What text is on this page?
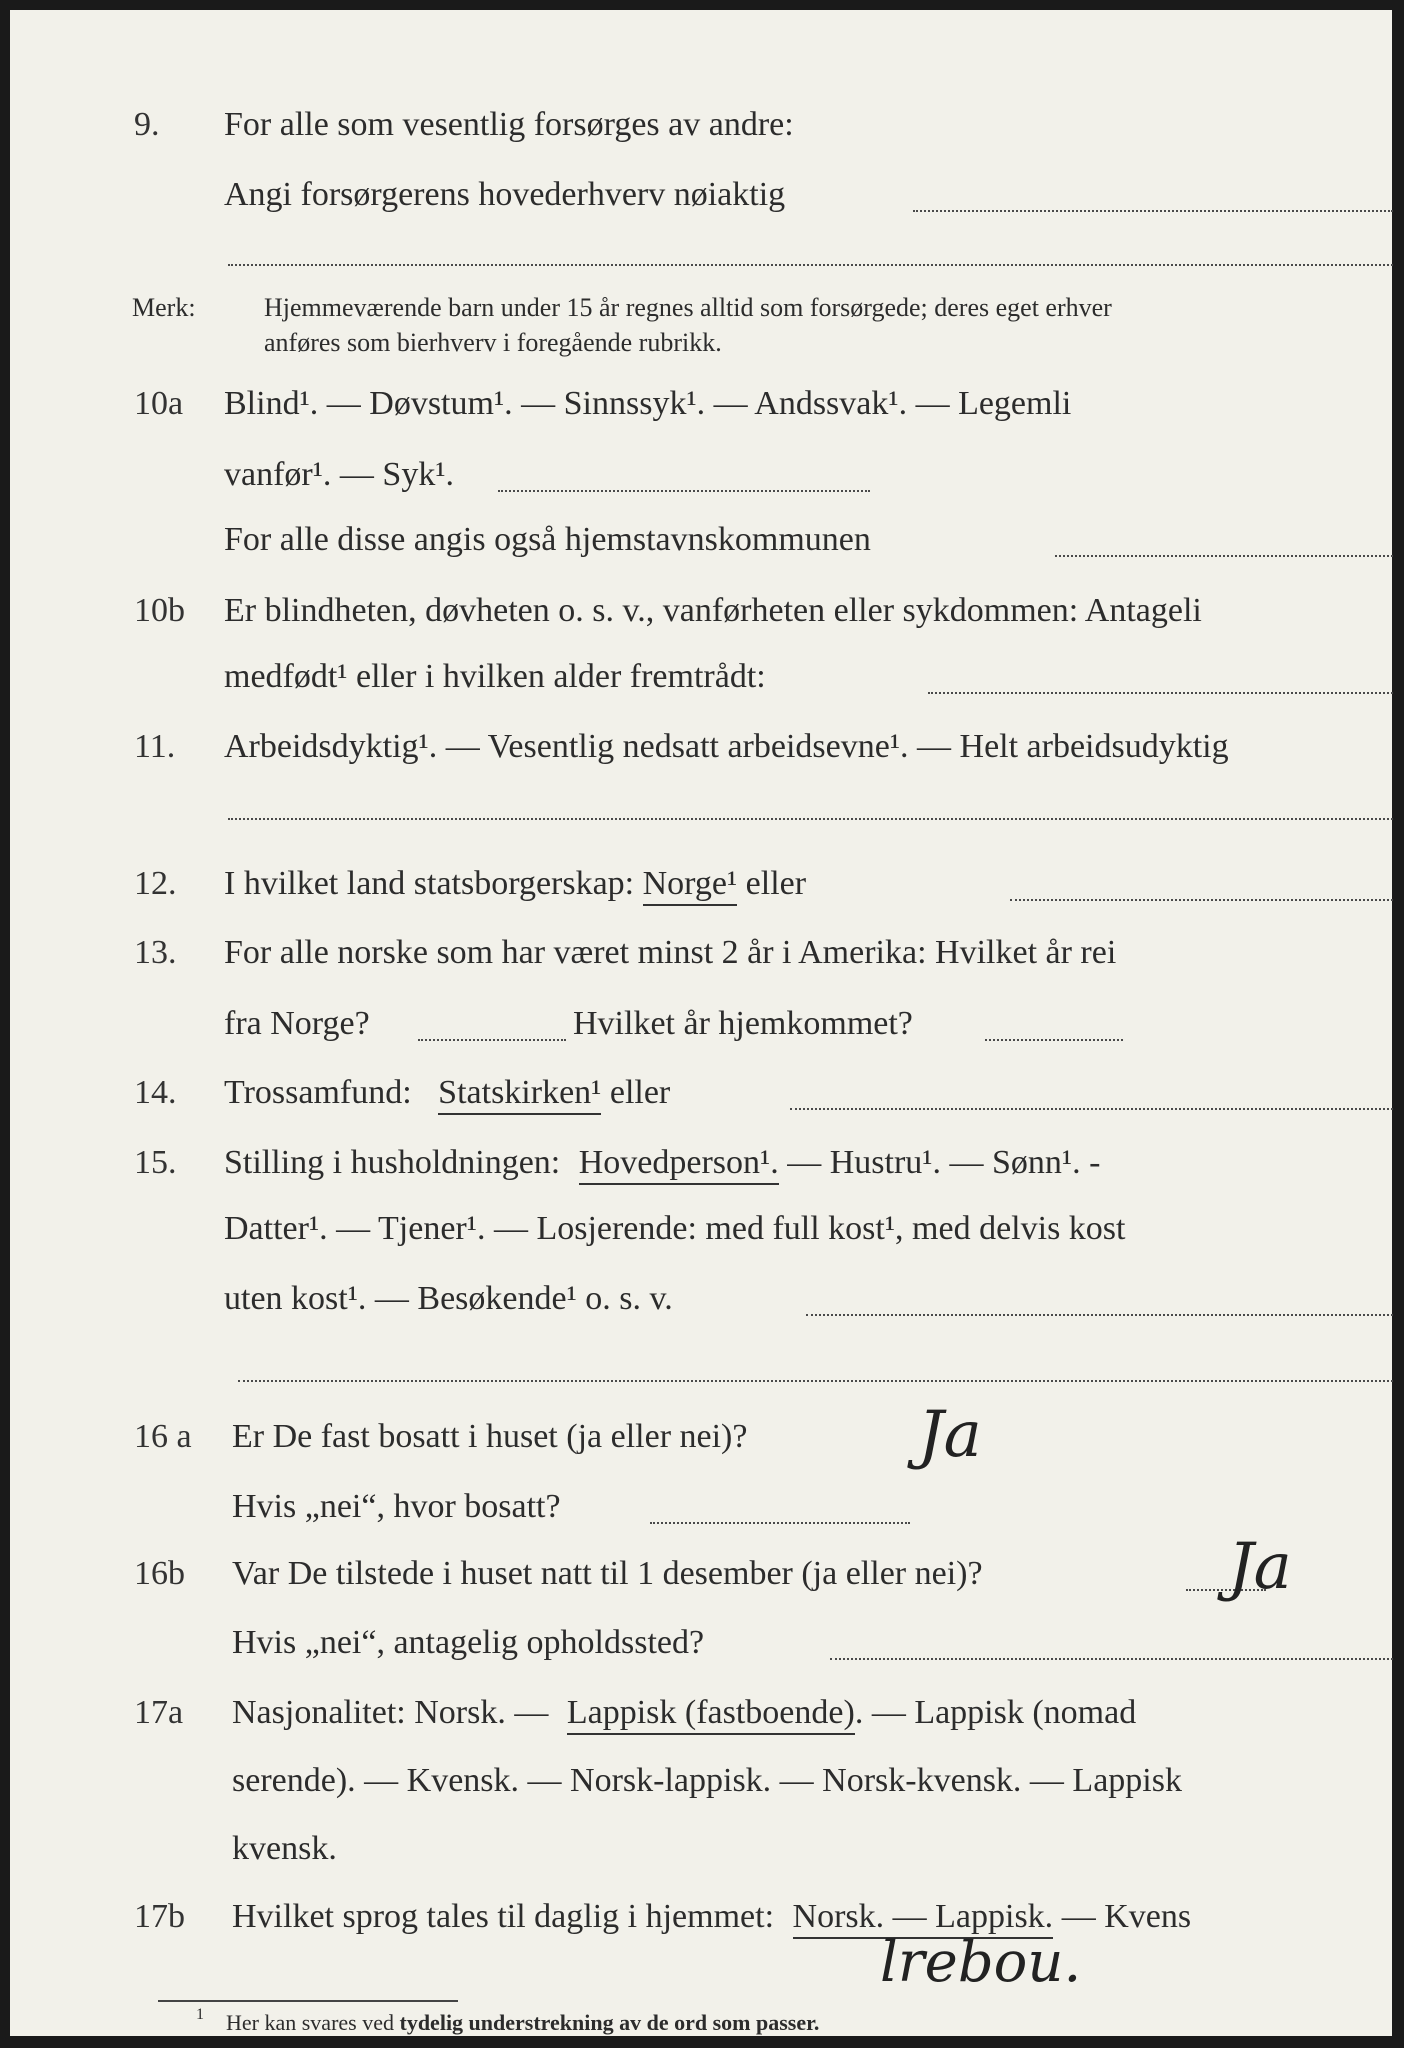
9.	For alle som vesentlig forsørges av andre:
Angi forsørgerens hovederhverv nøiaktig
Merk:	Hjemmeværende barn under 15 år regnes alltid som forsørgede; deres eget erhver
anføres som bierhverv i foregående rubrikk.
10a	Blind¹. — Døvstum¹. — Sinnssyk¹. — Andssvak¹. — Legemli
vanfør¹. — Syk¹.
For alle disse angis også hjemstavnskommunen
10b	Er blindheten, døvheten o. s. v., vanførheten eller sykdommen: Antageli
medfødt¹ eller i hvilken alder fremtrådt:
11.	Arbeidsdyktig¹. — Vesentlig nedsatt arbeidsevne¹. — Helt arbeidsudyktig
12.	I hvilket land statsborgerskap: Norge¹ eller
13.	For alle norske som har været minst 2 år i Amerika: Hvilket år rei
fra Norge?	Hvilket år hjemkommet?
14.	Trossamfund: Statskirken¹ eller
15.	Stilling i husholdningen: Hovedperson¹. — Hustru¹. — Sønn¹. -
Datter¹. — Tjener¹. — Losjerende: med full kost¹, med delvis kost
uten kost¹. — Besøkende¹ o. s. v.
16 a	Er De fast bosatt i huset (ja eller nei)?	Ja
Hvis „nei“, hvor bosatt?
16b	Var De tilstede i huset natt til 1 desember (ja eller nei)?	Ja
Hvis „nei“, antagelig opholdssted?
17a	Nasjonalitet: Norsk. — Lappisk (fastboende). — Lappisk (nomad
serende). — Kvensk. — Norsk-lappisk. — Norsk-kvensk. — Lappisk
kvensk.
17b	Hvilket sprog tales til daglig i hjemmet: Norsk. — Lappisk. — Kvens
lrebou.
1 Her kan svares ved tydelig understrekning av de ord som passer.
